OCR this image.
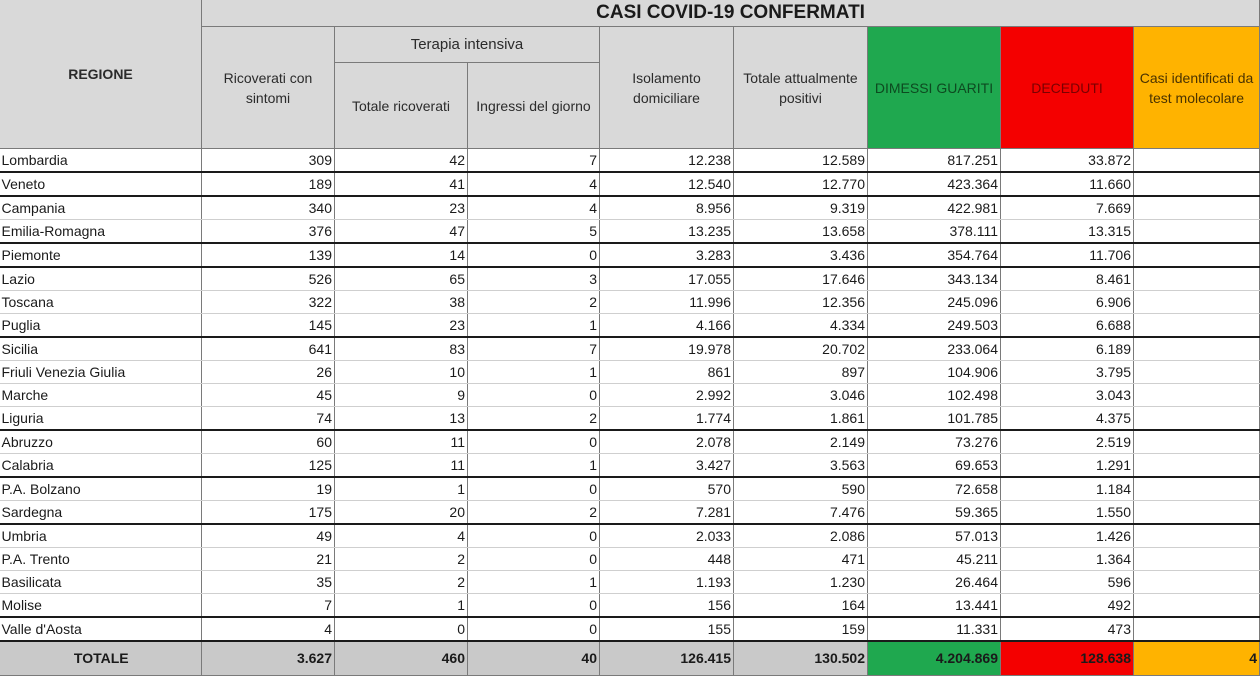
REGIONE	CASI COVID-19 CONFERMATI							
	Ricoverati con sintomi	Terapia intensiva		Isolamento domiciliare	Totale attualmente positivi	DIMESSI GUARITI	DECEDUTI	Casi identificati da test molecolare
		Totale ricoverati	Ingressi del giorno					
Lombardia	309	42	7	12.238	12.589	817.251	33.872	
Veneto	189	41	4	12.540	12.770	423.364	11.660	
Campania	340	23	4	8.956	9.319	422.981	7.669	
Emilia-Romagna	376	47	5	13.235	13.658	378.111	13.315	
Piemonte	139	14	0	3.283	3.436	354.764	11.706	
Lazio	526	65	3	17.055	17.646	343.134	8.461	
Toscana	322	38	2	11.996	12.356	245.096	6.906	
Puglia	145	23	1	4.166	4.334	249.503	6.688	
Sicilia	641	83	7	19.978	20.702	233.064	6.189	
Friuli Venezia Giulia	26	10	1	861	897	104.906	3.795	
Marche	45	9	0	2.992	3.046	102.498	3.043	
Liguria	74	13	2	1.774	1.861	101.785	4.375	
Abruzzo	60	11	0	2.078	2.149	73.276	2.519	
Calabria	125	11	1	3.427	3.563	69.653	1.291	
P.A. Bolzano	19	1	0	570	590	72.658	1.184	
Sardegna	175	20	2	7.281	7.476	59.365	1.550	
Umbria	49	4	0	2.033	2.086	57.013	1.426	
P.A. Trento	21	2	0	448	471	45.211	1.364	
Basilicata	35	2	1	1.193	1.230	26.464	596	
Molise	7	1	0	156	164	13.441	492	
Valle d'Aosta	4	0	0	155	159	11.331	473	
TOTALE	3.627	460	40	126.415	130.502	4.204.869	128.638	4
